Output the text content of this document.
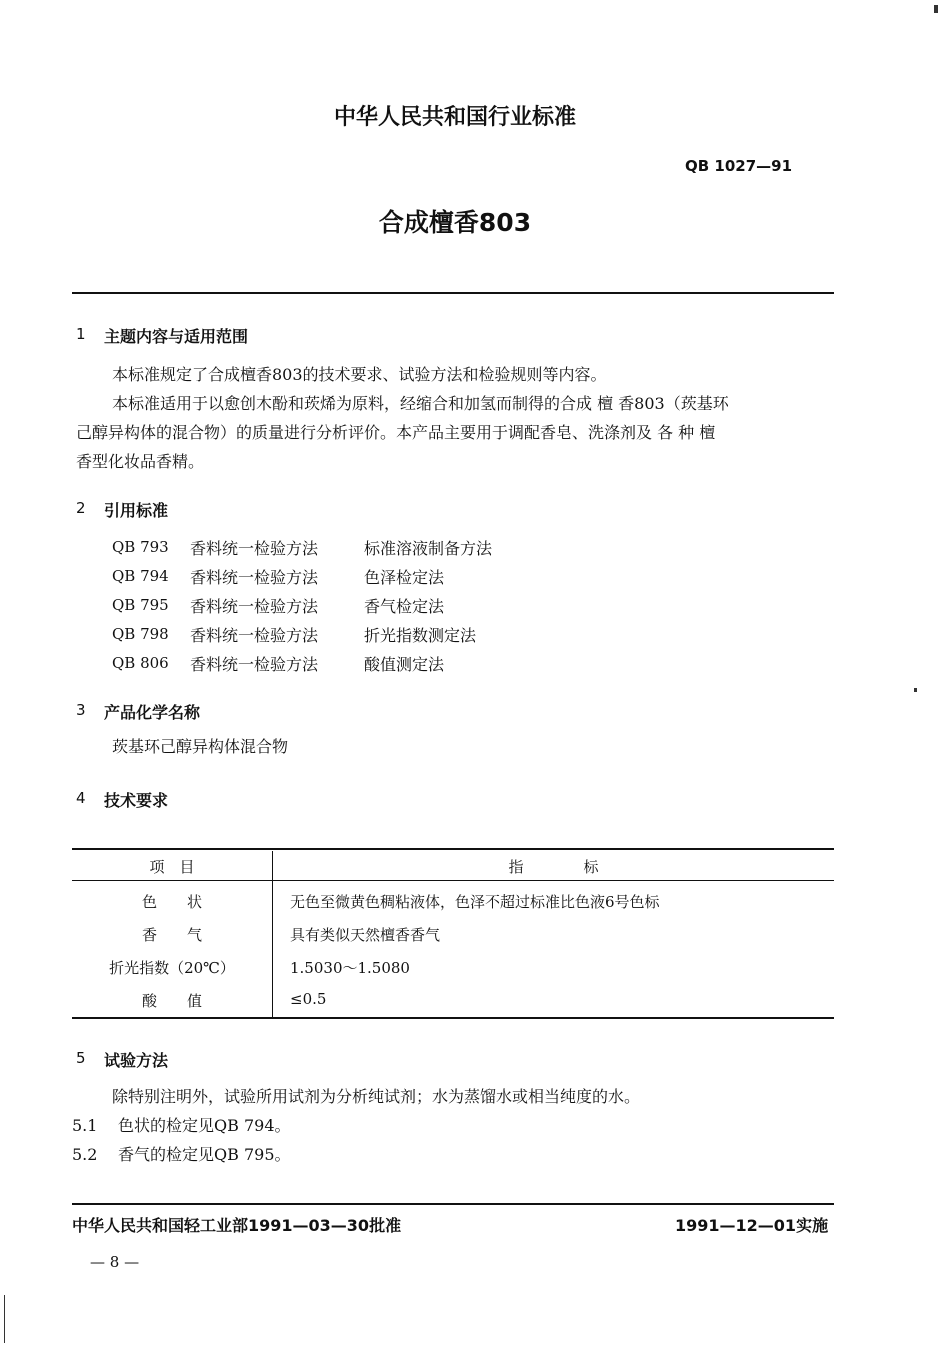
中华人民共和国行业标准
QB 1027—91
合成檀香803
1 主题内容与适用范围
本标准规定了合成檀香803的技术要求、试验方法和检验规则等内容。
本标准适用于以愈创木酚和莰烯为原料，经缩合和加氢而制得的合成 檀 香803（莰基环
己醇异构体的混合物）的质量进行分析评价。本产品主要用于调配香皂、洗涤剂及 各 种 檀
香型化妆品香精。
2 引用标准
QB 793 香料统一检验方法	标准溶液制备方法
QB 794 香料统一检验方法	色泽检定法
QB 795 香料统一检验方法	香气检定法
QB 798 香料统一检验方法	折光指数测定法
QB 806 香料统一检验方法	酸值测定法
3 产品化学名称
莰基环己醇异构体混合物
4 技术要求
项　目	指　　　　标
色　　状	无色至微黄色稠粘液体，色泽不超过标准比色液6号色标
香　　气	具有类似天然檀香香气
折光指数（20℃）	1.5030～1.5080
酸　　值	≤0.5
5 试验方法
除特别注明外，试验所用试剂为分析纯试剂；水为蒸馏水或相当纯度的水。
5.1 色状的检定见QB 794。
5.2 香气的检定见QB 795。
中华人民共和国轻工业部1991—03—30批准	1991—12—01实施
— 8 —
